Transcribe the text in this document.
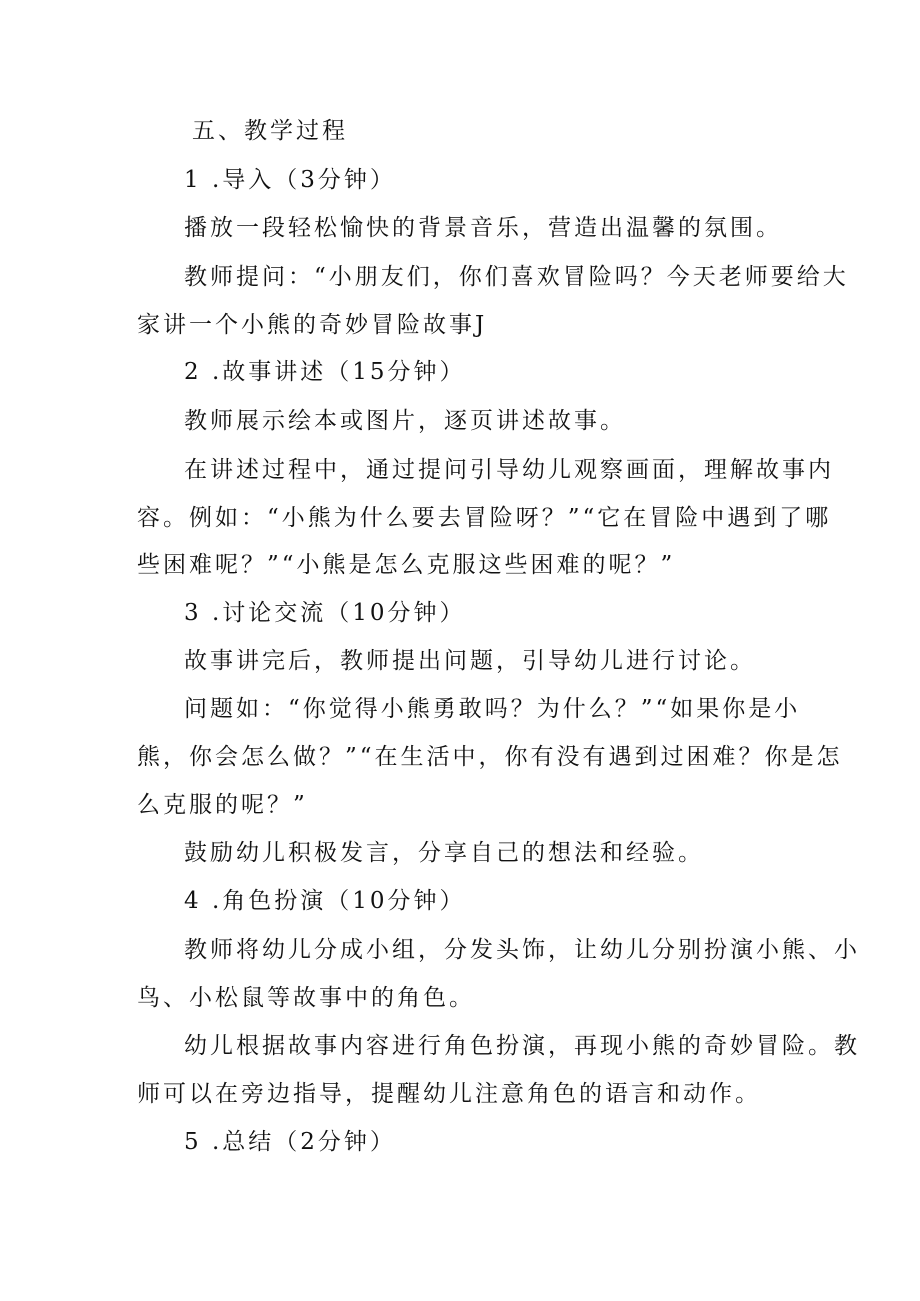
五、教学过程
1 .导入（3分钟）
播放一段轻松愉快的背景音乐，营造出温馨的氛围。
教师提问：“小朋友们，你们喜欢冒险吗？今天老师要给大
家讲一个小熊的奇妙冒险故事J
2 .故事讲述（15分钟）
教师展示绘本或图片，逐页讲述故事。
在讲述过程中，通过提问引导幼儿观察画面，理解故事内
容。例如：“小熊为什么要去冒险呀？”“它在冒险中遇到了哪
些困难呢？”“小熊是怎么克服这些困难的呢？”
3 .讨论交流（10分钟）
故事讲完后，教师提出问题，引导幼儿进行讨论。
问题如：“你觉得小熊勇敢吗？为什么？”“如果你是小
熊，你会怎么做？”“在生活中，你有没有遇到过困难？你是怎
么克服的呢？”
鼓励幼儿积极发言，分享自己的想法和经验。
4 .角色扮演（10分钟）
教师将幼儿分成小组，分发头饰，让幼儿分别扮演小熊、小
鸟、小松鼠等故事中的角色。
幼儿根据故事内容进行角色扮演，再现小熊的奇妙冒险。教
师可以在旁边指导，提醒幼儿注意角色的语言和动作。
5 .总结（2分钟）
